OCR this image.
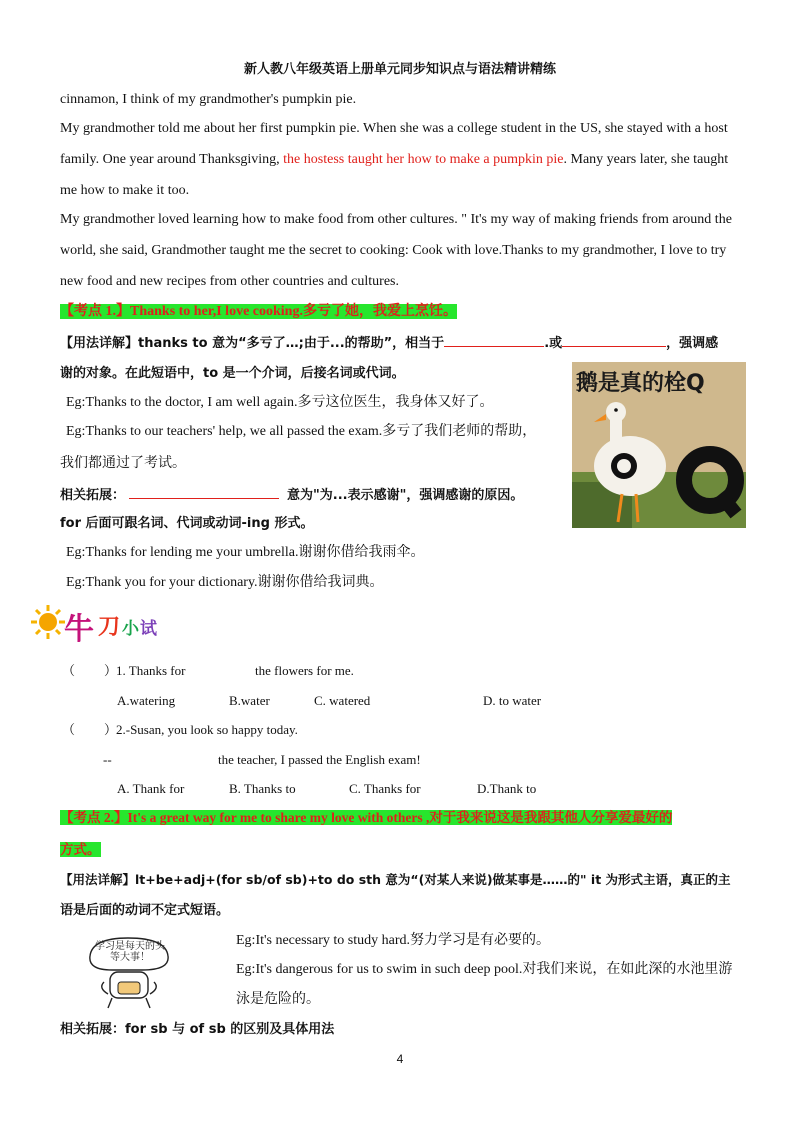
新人教八年级英语上册单元同步知识点与语法精讲精练
cinnamon, I think of my grandmother's pumpkin pie.
My grandmother told me about her first pumpkin pie. When she was a college student in the US, she stayed with a host
family. One year around Thanksgiving, the hostess taught her how to make a pumpkin pie. Many years later, she taught
me how to make it too.
My grandmother loved learning how to make food from other cultures. " It's my way of making friends from around the
world, she said, Grandmother taught me the secret to cooking: Cook with love.Thanks to my grandmother, I love to try
new food and new recipes from other countries and cultures.
【考点 1.】Thanks to her,I love cooking.多亏了她，我爱上烹饪。
【用法详解】thanks to 意为“多亏了…;由于...的帮助”，相当于	.或	，强调感
谢的对象。在此短语中，to 是一个介词，后接名词或代词。
Eg:Thanks to the doctor, I am well again.多亏这位医生，我身体又好了。
Eg:Thanks to our teachers' help, we all passed the exam.多亏了我们老师的帮助，
我们都通过了考试。
相关拓展：	意为"为...表示感谢"，强调感谢的原因。
for 后面可跟名词、代词或动词-ing 形式。
Eg:Thanks for lending me your umbrella.谢谢你借给我雨伞。
Eg:Thank you for your dictionary.谢谢你借给我词典。
鹅是真的栓Q
牛 刀 小 试
（ ）
1. Thanks for	the flowers for me.
A.watering	B.water	C. watered	D. to water
（ ）
2.-Susan, you look so happy today.
--	the teacher, I passed the English exam!
A. Thank for	B. Thanks to	C. Thanks for	D.Thank to
【考点 2.】It's a great way for me to share my love with others ,对于我来说这是我跟其他人分享爱最好的
方式。
【用法详解】lt+be+adj+(for sb/of sb)+to do sth 意为“(对某人来说)做某事是……的" it 为形式主语，真正的主
语是后面的动词不定式短语。
学习是每天的头等大事！
Eg:It's necessary to study hard.努力学习是有必要的。
Eg:It's dangerous for us to swim in such deep pool.对我们来说，在如此深的水池里游
泳是危险的。
相关拓展：for sb 与 of sb 的区别及具体用法
4
